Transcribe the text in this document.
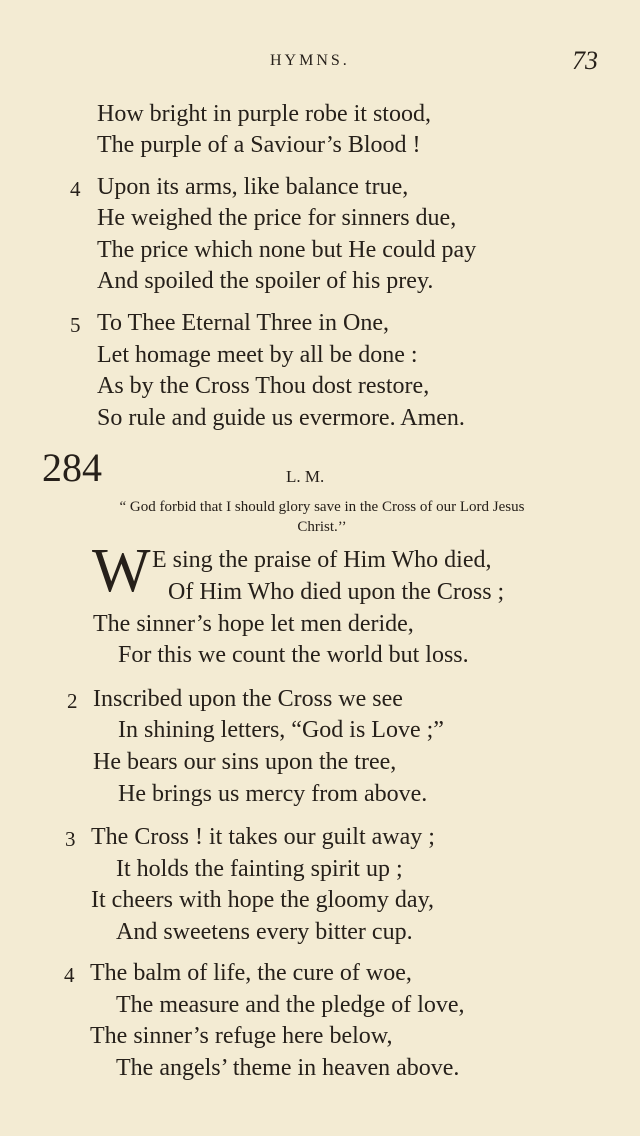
HYMNS.	73
How bright in purple robe it stood,
The purple of a Saviour’s Blood !
4 Upon its arms, like balance true,
He weighed the price for sinners due,
The price which none but He could pay
And spoiled the spoiler of his prey.
5 To Thee Eternal Three in One,
Let homage meet by all be done :
As by the Cross Thou dost restore,
So rule and guide us evermore. Amen.
284	L. M.
“ God forbid that I should glory save in the Cross of our Lord Jesus
Christ.’’
W E sing the praise of Him Who died,
Of Him Who died upon the Cross ;
The sinner’s hope let men deride,
For this we count the world but loss.
2 Inscribed upon the Cross we see
In shining letters, “God is Love ;”
He bears our sins upon the tree,
He brings us mercy from above.
3 The Cross ! it takes our guilt away ;
It holds the fainting spirit up ;
It cheers with hope the gloomy day,
And sweetens every bitter cup.
4 The balm of life, the cure of woe,
The measure and the pledge of love,
The sinner’s refuge here below,
The angels’ theme in heaven above.
